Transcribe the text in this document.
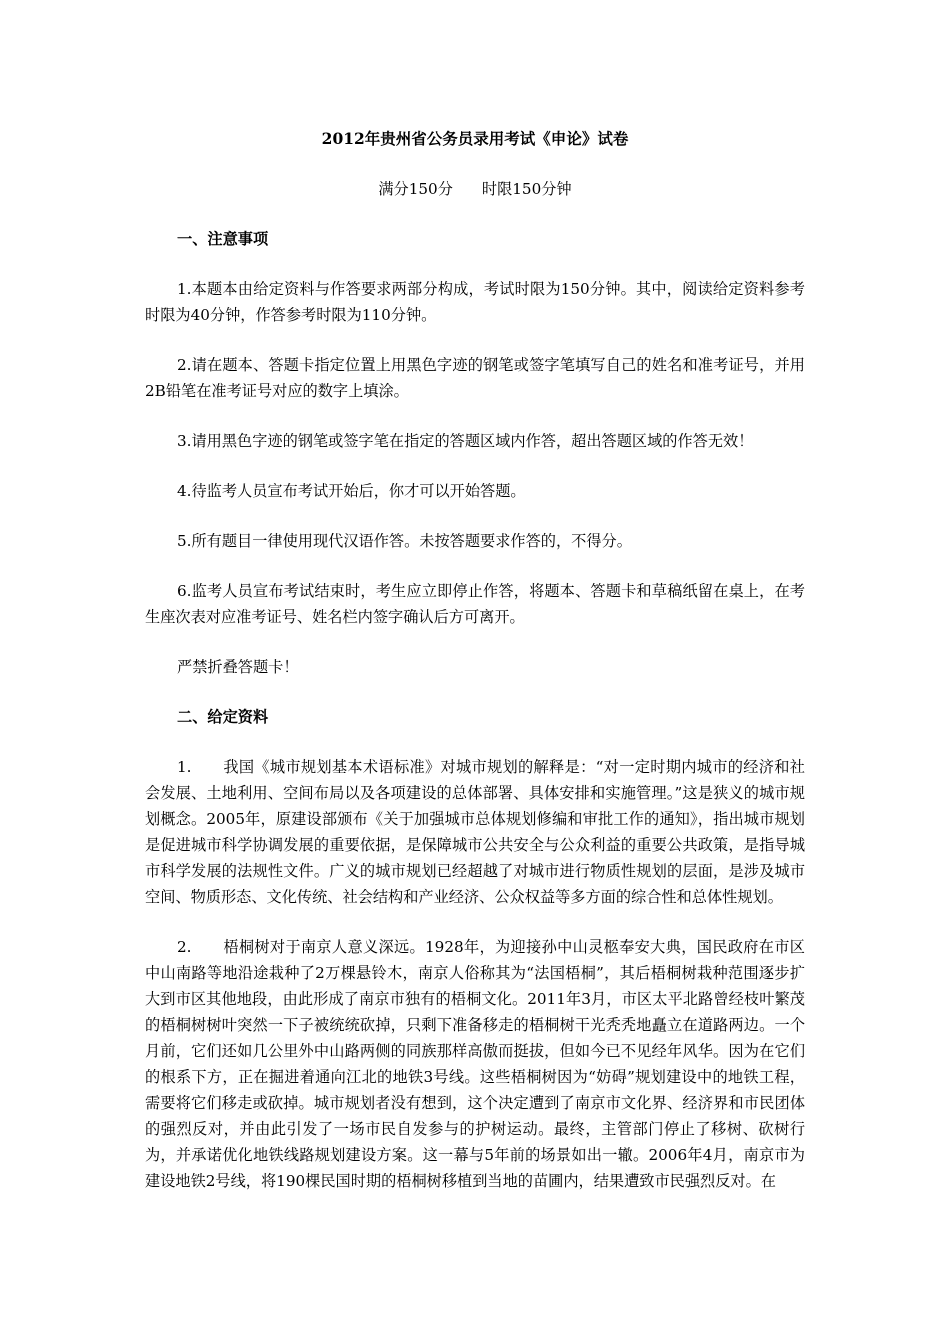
2012年贵州省公务员录用考试《申论》试卷
满分150分      时限150分钟
一、注意事项

1.本题本由给定资料与作答要求两部分构成，考试时限为150分钟。其中，阅读给定资料参考时限为40分钟，作答参考时限为110分钟。

2.请在题本、答题卡指定位置上用黑色字迹的钢笔或签字笔填写自己的姓名和准考证号，并用2B铅笔在准考证号对应的数字上填涂。

3.请用黑色字迹的钢笔或签字笔在指定的答题区域内作答，超出答题区域的作答无效！

4.待监考人员宣布考试开始后，你才可以开始答题。

5.所有题目一律使用现代汉语作答。未按答题要求作答的，不得分。

6.监考人员宣布考试结束时，考生应立即停止作答，将题本、答题卡和草稿纸留在桌上，在考生座次表对应准考证号、姓名栏内签字确认后方可离开。

严禁折叠答题卡！

二、给定资料

1. 我国《城市规划基本术语标准》对城市规划的解释是：“对一定时期内城市的经济和社会发展、土地利用、空间布局以及各项建设的总体部署、具体安排和实施管理。”这是狭义的城市规划概念。2005年，原建设部颁布《关于加强城市总体规划修编和审批工作的通知》，指出城市规划是促进城市科学协调发展的重要依据，是保障城市公共安全与公众利益的重要公共政策，是指导城市科学发展的法规性文件。广义的城市规划已经超越了对城市进行物质性规划的层面，是涉及城市空间、物质形态、文化传统、社会结构和产业经济、公众权益等多方面的综合性和总体性规划。

2. 梧桐树对于南京人意义深远。1928年，为迎接孙中山灵柩奉安大典，国民政府在市区中山南路等地沿途栽种了2万棵悬铃木，南京人俗称其为“法国梧桐”，其后梧桐树栽种范围逐步扩大到市区其他地段，由此形成了南京市独有的梧桐文化。2011年3月，市区太平北路曾经枝叶繁茂的梧桐树树叶突然一下子被统统砍掉，只剩下准备移走的梧桐树干光秃秃地矗立在道路两边。一个月前，它们还如几公里外中山路两侧的同族那样高傲而挺拔，但如今已不见经年风华。因为在它们的根系下方，正在掘进着通向江北的地铁3号线。这些梧桐树因为“妨碍”规划建设中的地铁工程，需要将它们移走或砍掉。城市规划者没有想到，这个决定遭到了南京市文化界、经济界和市民团体的强烈反对，并由此引发了一场市民自发参与的护树运动。最终，主管部门停止了移树、砍树行为，并承诺优化地铁线路规划建设方案。这一幕与5年前的场景如出一辙。2006年4月，南京市为建设地铁2号线，将190棵民国时期的梧桐树移植到当地的苗圃内，结果遭致市民强烈反对。在
